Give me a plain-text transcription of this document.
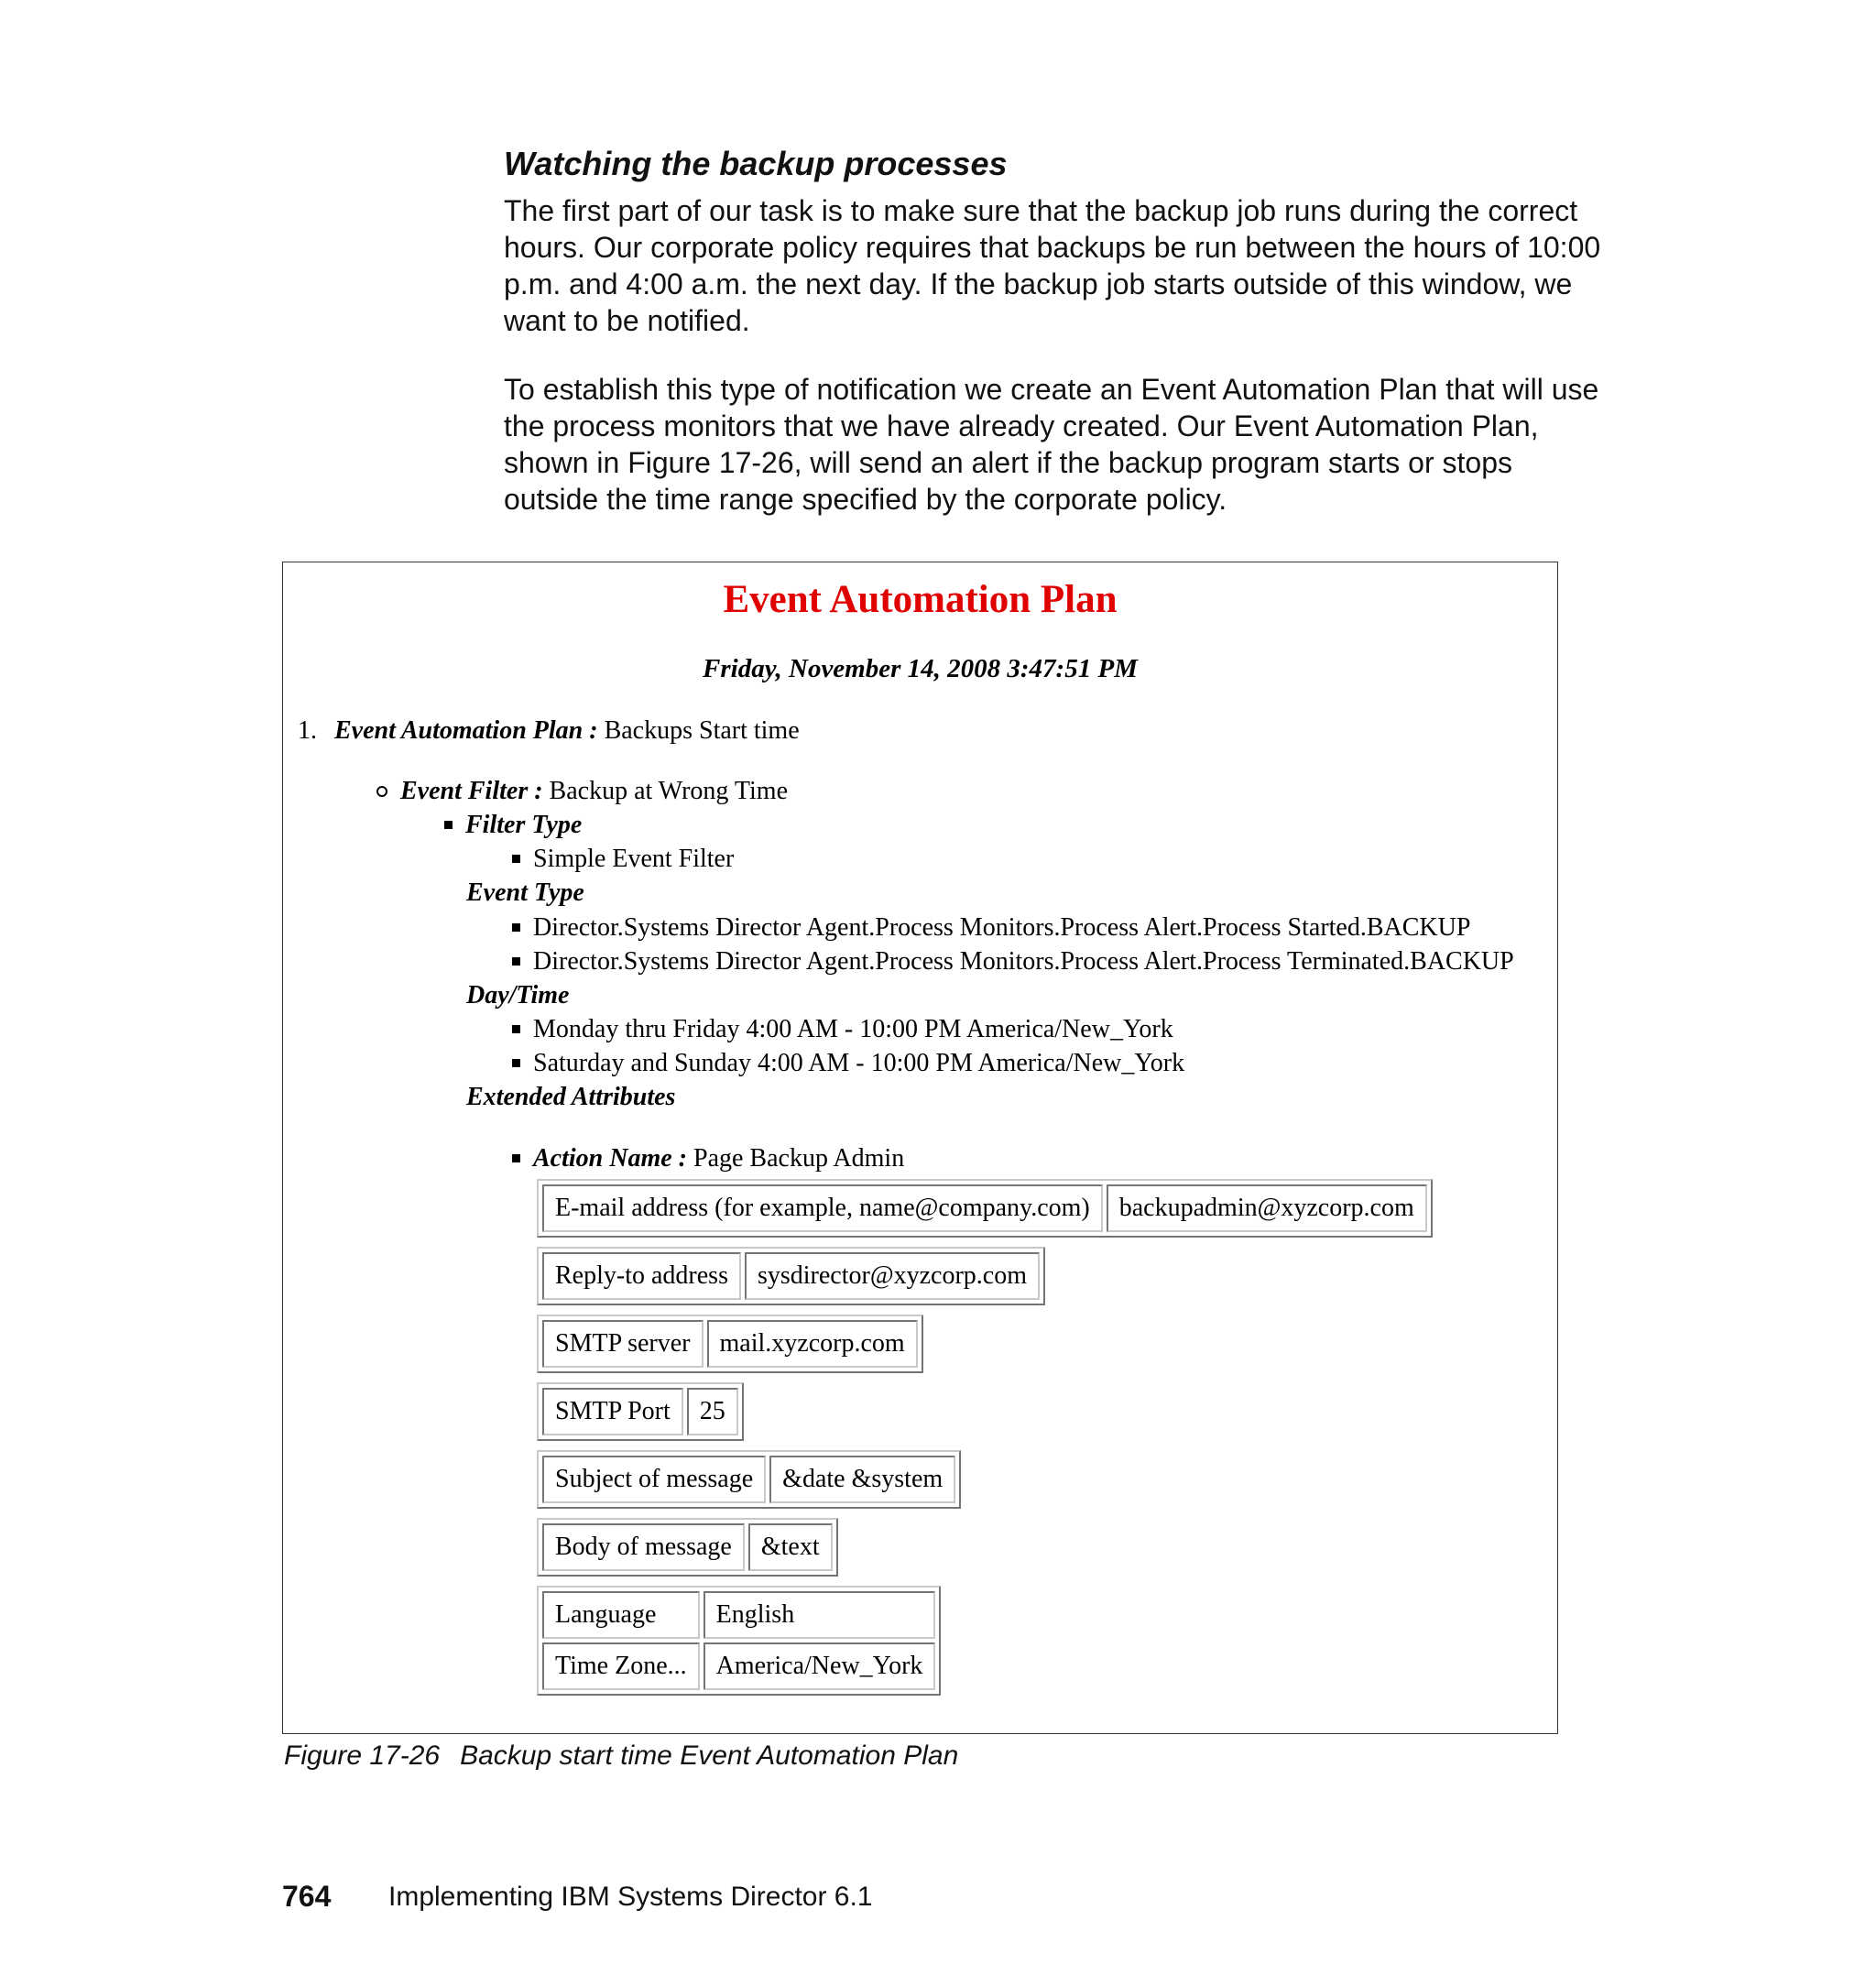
Watching the backup processes

The first part of our task is to make sure that the backup job runs during the correct hours. Our corporate policy requires that backups be run between the hours of 10:00 p.m. and 4:00 a.m. the next day. If the backup job starts outside of this window, we want to be notified.

To establish this type of notification we create an Event Automation Plan that will use the process monitors that we have already created. Our Event Automation Plan, shown in Figure 17-26, will send an alert if the backup program starts or stops outside the time range specified by the corporate policy.

Event Automation Plan

Friday, November 14, 2008 3:47:51 PM

1. Event Automation Plan : Backups Start time
Event Filter : Backup at Wrong Time
Filter Type
Simple Event Filter
Event Type
Director.Systems Director Agent.Process Monitors.Process Alert.Process Started.BACKUP
Director.Systems Director Agent.Process Monitors.Process Alert.Process Terminated.BACKUP
Day/Time
Monday thru Friday 4:00 AM - 10:00 PM America/New_York
Saturday and Sunday 4:00 AM - 10:00 PM America/New_York
Extended Attributes
Action Name : Page Backup Admin
E-mail address (for example, name@company.com)	backupadmin@xyzcorp.com
Reply-to address	sysdirector@xyzcorp.com
SMTP server	mail.xyzcorp.com
SMTP Port	25
Subject of message	&date &system
Body of message	&text
Language	English
Time Zone...	America/New_York

Figure 17-26 Backup start time Event Automation Plan

764 Implementing IBM Systems Director 6.1
